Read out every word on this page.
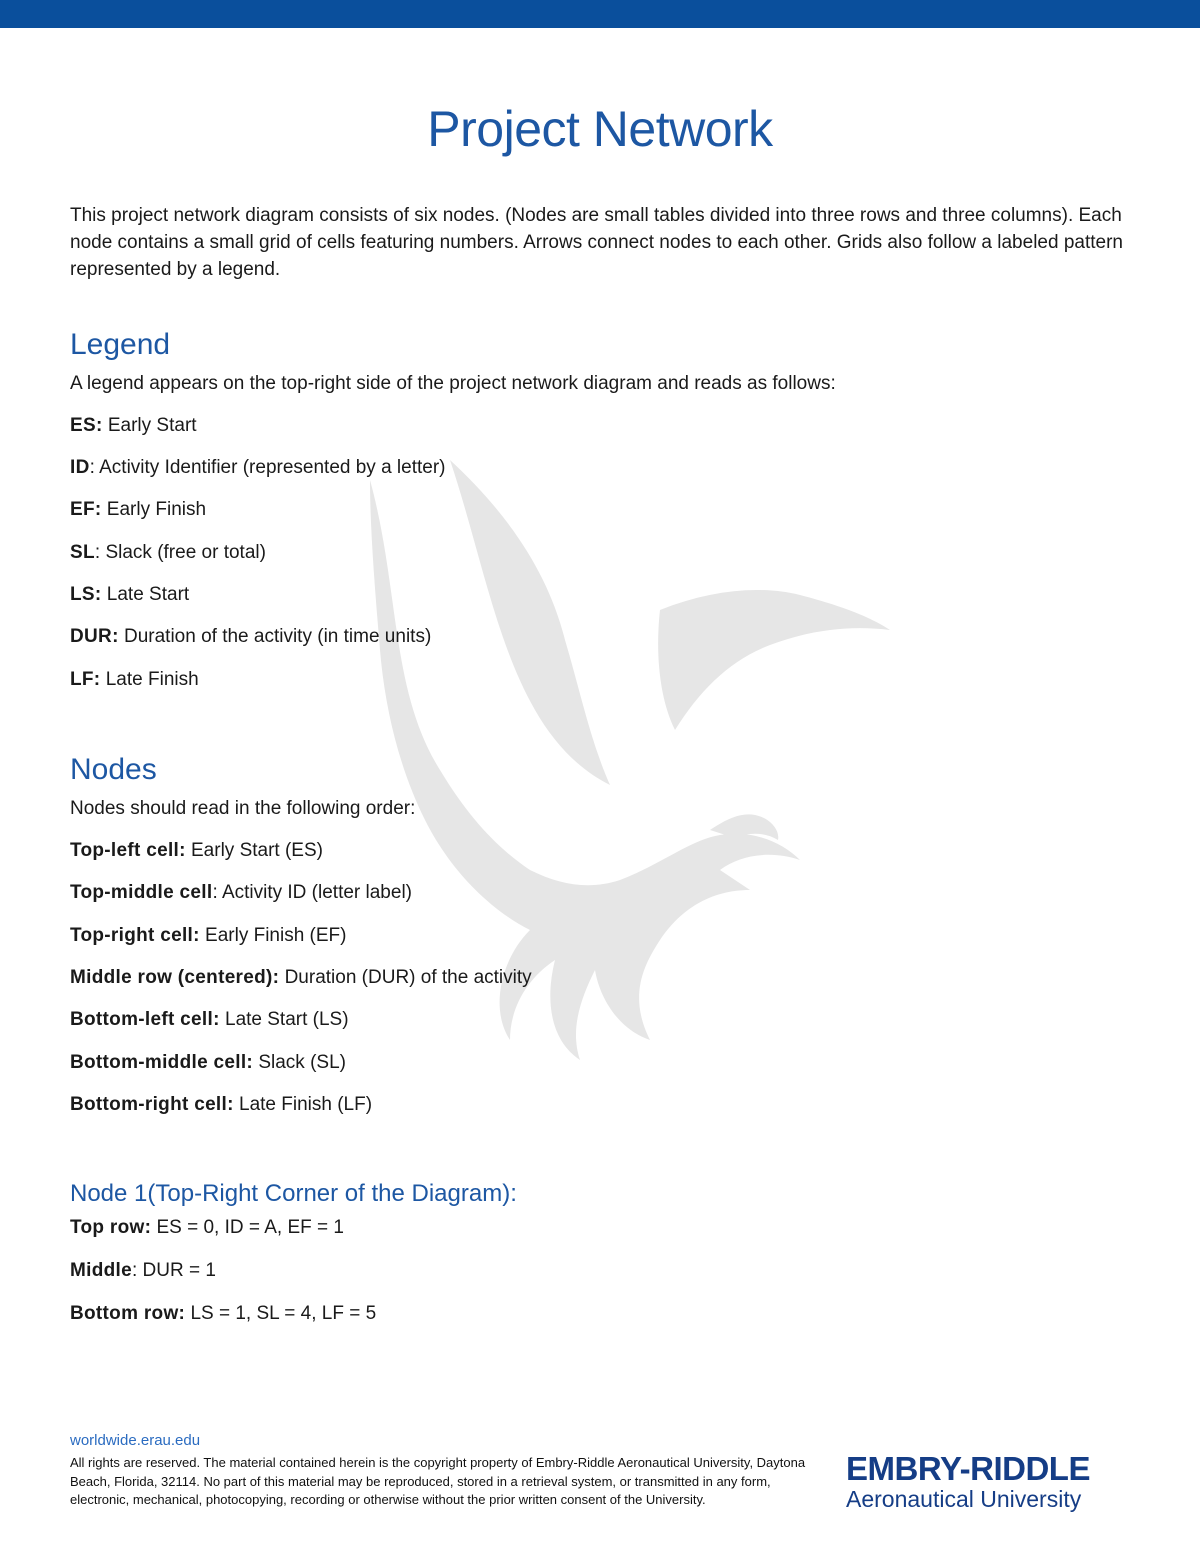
Project Network

This project network diagram consists of six nodes. (Nodes are small tables divided into three rows and three columns). Each node contains a small grid of cells featuring numbers. Arrows connect nodes to each other. Grids also follow a labeled pattern represented by a legend.

Legend

A legend appears on the top-right side of the project network diagram and reads as follows:

ES: Early Start

ID: Activity Identifier (represented by a letter)

EF: Early Finish

SL: Slack (free or total)

LS: Late Start

DUR: Duration of the activity (in time units)

LF: Late Finish

Nodes

Nodes should read in the following order:

Top-left cell: Early Start (ES)

Top-middle cell: Activity ID (letter label)

Top-right cell: Early Finish (EF)

Middle row (centered): Duration (DUR) of the activity

Bottom-left cell: Late Start (LS)

Bottom-middle cell: Slack (SL)

Bottom-right cell: Late Finish (LF)

Node 1(Top-Right Corner of the Diagram):

Top row: ES = 0, ID = A, EF = 1

Middle: DUR = 1

Bottom row: LS = 1, SL = 4, LF = 5

worldwide.erau.edu

All rights are reserved. The material contained herein is the copyright property of Embry-Riddle Aeronautical University, Daytona Beach, Florida, 32114. No part of this material may be reproduced, stored in a retrieval system, or transmitted in any form, electronic, mechanical, photocopying, recording or otherwise without the prior written consent of the University.

EMBRY-RIDDLE
Aeronautical University
